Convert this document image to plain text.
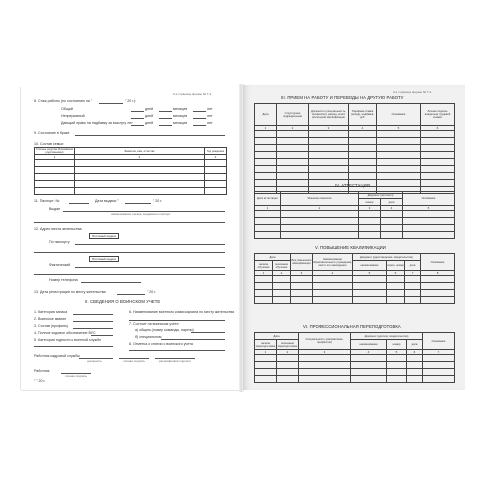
2-я страница формы № Т-2
8. Стаж работы (по состоянию на "	" 20 г.):
Общий
Непрерывный
Дающий право на надбавку за выслугу лет
дней	месяцев	лет
дней	месяцев	лет
дней	месяцев	лет
9. Состояние в браке
10. Состав семьи:
Степень родства (ближайшие родственники)	Фамилия, имя, отчество	Год рождения
1	2	3

11. Паспорт: №	Дата выдачи "	" 20 г.
Выдан
наименование органа, выдавшего паспорт
12. Адрес места жительства:
Почтовый индекс
По паспорту
Почтовый индекс
Фактический
Номер телефона
13. Дата регистрации по месту жительства	" 20 г.
II. СВЕДЕНИЯ О ВОИНСКОМ УЧЕТЕ
1. Категория запаса
2. Воинское звание
3. Состав (профиль)
4. Полное кодовое обозначение ВУС
5. Категория годности к военной службе
6. Наименование военного комиссариата по месту жительства
7. Состоит на воинском учете:
а) общем (номер команды, партии)
б) специальном
8. Отметка о снятии с воинского учета
Работник кадровой службы
должность	личная подпись	расшифровка подписи
Работник
личная подпись
" " 20 г.
3-я страница формы № Т-2
III. ПРИЕМ НА РАБОТУ И ПЕРЕВОДЫ НА ДРУГУЮ РАБОТУ
Дата	Структурное подразделение	Должность (специальность, профессия), разряд, класс (категория) квалификации	Тарифная ставка (оклад), надбавка, руб.	Основание	Личная подпись владельца трудовой книжки
1	2	3	4	5	6

IV. АТТЕСТАЦИЯ
Дата аттестации	Решение комиссии	Документ (протокол)		Основание
		номер	дата	
1	2	3	4	5

V. ПОВЫШЕНИЕ КВАЛИФИКАЦИИ
Дата		Вид повышения квалификации	Наименование образовательного учреждения, место его нахождения	Документ (удостоверение, свидетельство)			Основание
начала обучения	окончания обучения			наименование	серия, номер	дата	
1	2	3	4	5	6	7	8

VI. ПРОФЕССИОНАЛЬНАЯ ПЕРЕПОДГОТОВКА
Дата		Специальность (направление, профессия)	Документ (диплом, свидетельство)			Основание
начала переподготовки	окончания переподготовки		наименование	номер	дата	
1	2	3	4	5	6	7
